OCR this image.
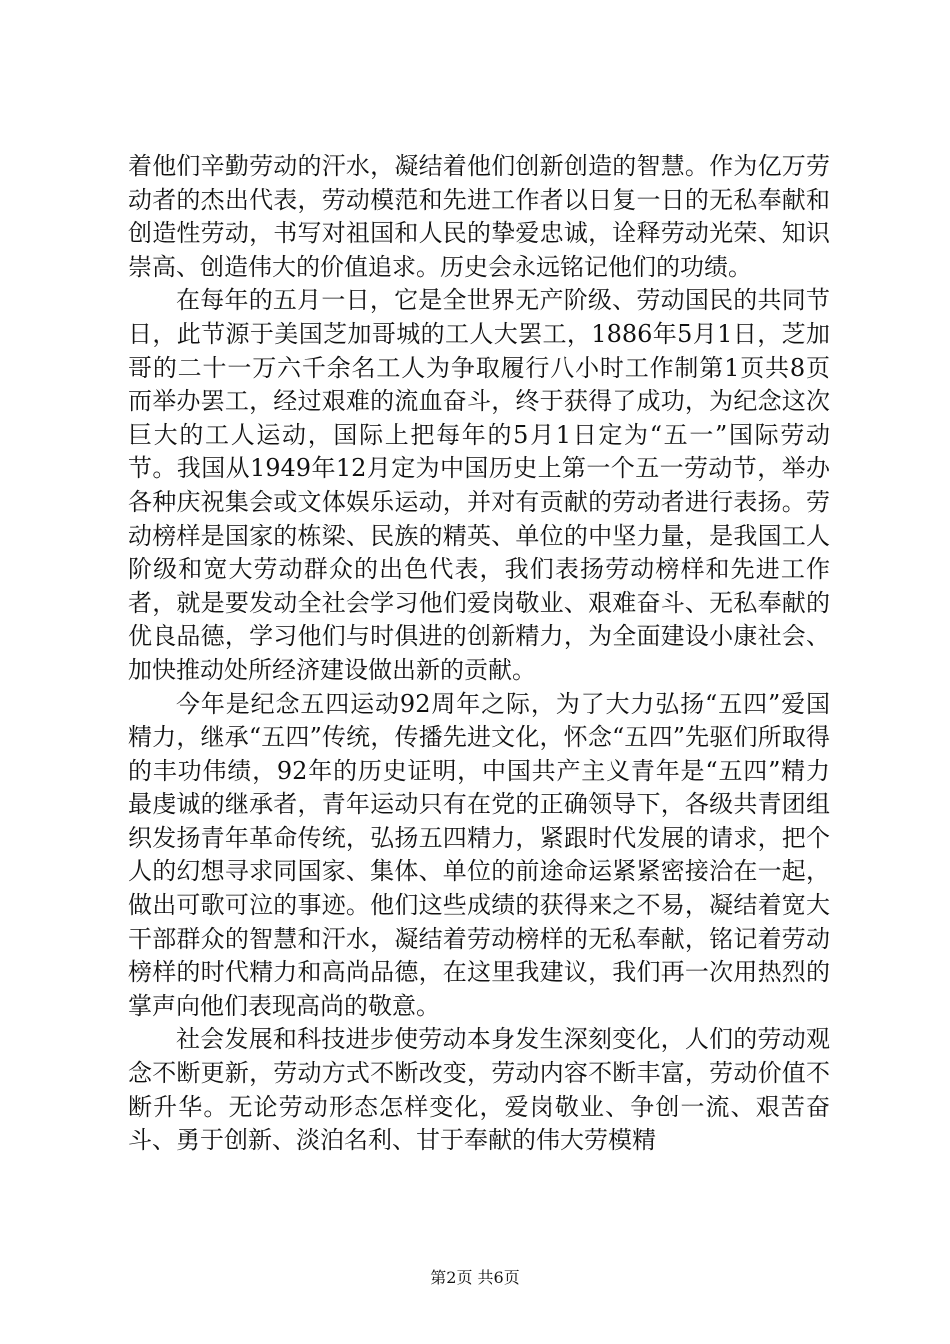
着他们辛勤劳动的汗水，凝结着他们创新创造的智慧。作为亿万劳动者的杰出代表，劳动模范和先进工作者以日复一日的无私奉献和创造性劳动，书写对祖国和人民的挚爱忠诚，诠释劳动光荣、知识崇高、创造伟大的价值追求。历史会永远铭记他们的功绩。

在每年的五月一日，它是全世界无产阶级、劳动国民的共同节日，此节源于美国芝加哥城的工人大罢工，1886年5月1日，芝加哥的二十一万六千余名工人为争取履行八小时工作制第1页共8页而举办罢工，经过艰难的流血奋斗，终于获得了成功，为纪念这次巨大的工人运动，国际上把每年的5月1日定为“五一”国际劳动节。我国从1949年12月定为中国历史上第一个五一劳动节，举办各种庆祝集会或文体娱乐运动，并对有贡献的劳动者进行表扬。劳动榜样是国家的栋梁、民族的精英、单位的中坚力量，是我国工人阶级和宽大劳动群众的出色代表，我们表扬劳动榜样和先进工作者，就是要发动全社会学习他们爱岗敬业、艰难奋斗、无私奉献的优良品德，学习他们与时俱进的创新精力，为全面建设小康社会、加快推动处所经济建设做出新的贡献。

今年是纪念五四运动92周年之际，为了大力弘扬“五四”爱国精力，继承“五四”传统，传播先进文化，怀念“五四”先驱们所取得的丰功伟绩，92年的历史证明，中国共产主义青年是“五四”精力最虔诚的继承者，青年运动只有在党的正确领导下，各级共青团组织发扬青年革命传统，弘扬五四精力，紧跟时代发展的请求，把个人的幻想寻求同国家、集体、单位的前途命运紧紧密接洽在一起，做出可歌可泣的事迹。他们这些成绩的获得来之不易，凝结着宽大干部群众的智慧和汗水，凝结着劳动榜样的无私奉献，铭记着劳动榜样的时代精力和高尚品德，在这里我建议，我们再一次用热烈的掌声向他们表现高尚的敬意。

社会发展和科技进步使劳动本身发生深刻变化，人们的劳动观念不断更新，劳动方式不断改变，劳动内容不断丰富，劳动价值不断升华。无论劳动形态怎样变化，爱岗敬业、争创一流、艰苦奋斗、勇于创新、淡泊名利、甘于奉献的伟大劳模精

第2页 共6页
